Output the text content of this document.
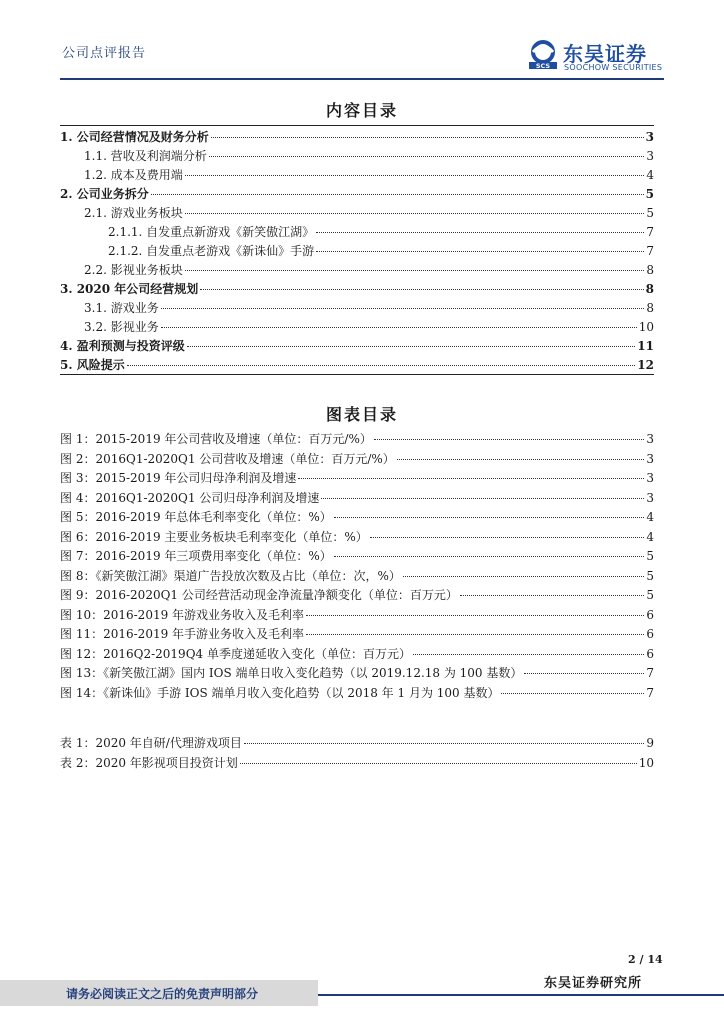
公司点评报告
SCS
东吴证券
SOOCHOW SECURITIES
内容目录
1. 公司经营情况及财务分析	3
1.1. 营收及利润端分析	3
1.2. 成本及费用端	4
2. 公司业务拆分	5
2.1. 游戏业务板块	5
2.1.1. 自发重点新游戏《新笑傲江湖》	7
2.1.2. 自发重点老游戏《新诛仙》手游	7
2.2. 影视业务板块	8
3. 2020 年公司经营规划	8
3.1. 游戏业务	8
3.2. 影视业务	10
4. 盈利预测与投资评级	11
5. 风险提示	12
图表目录
图 1：2015-2019 年公司营收及增速（单位：百万元/%）	3
图 2：2016Q1-2020Q1 公司营收及增速（单位：百万元/%）	3
图 3：2015-2019 年公司归母净利润及增速	3
图 4：2016Q1-2020Q1 公司归母净利润及增速	3
图 5：2016-2019 年总体毛利率变化（单位：%）	4
图 6：2016-2019 主要业务板块毛利率变化（单位：%）	4
图 7：2016-2019 年三项费用率变化（单位：%）	5
图 8：《新笑傲江湖》渠道广告投放次数及占比（单位：次，%）	5
图 9：2016-2020Q1 公司经营活动现金净流量净额变化（单位：百万元）	5
图 10：2016-2019 年游戏业务收入及毛利率	6
图 11：2016-2019 年手游业务收入及毛利率	6
图 12：2016Q2-2019Q4 单季度递延收入变化（单位：百万元）	6
图 13：《新笑傲江湖》国内 IOS 端单日收入变化趋势（以 2019.12.18 为 100 基数）	7
图 14：《新诛仙》手游 IOS 端单月收入变化趋势（以 2018 年 1 月为 100 基数）	7
表 1：2020 年自研/代理游戏项目	9
表 2：2020 年影视项目投资计划	10
2 / 14
请务必阅读正文之后的免责声明部分
东吴证券研究所
